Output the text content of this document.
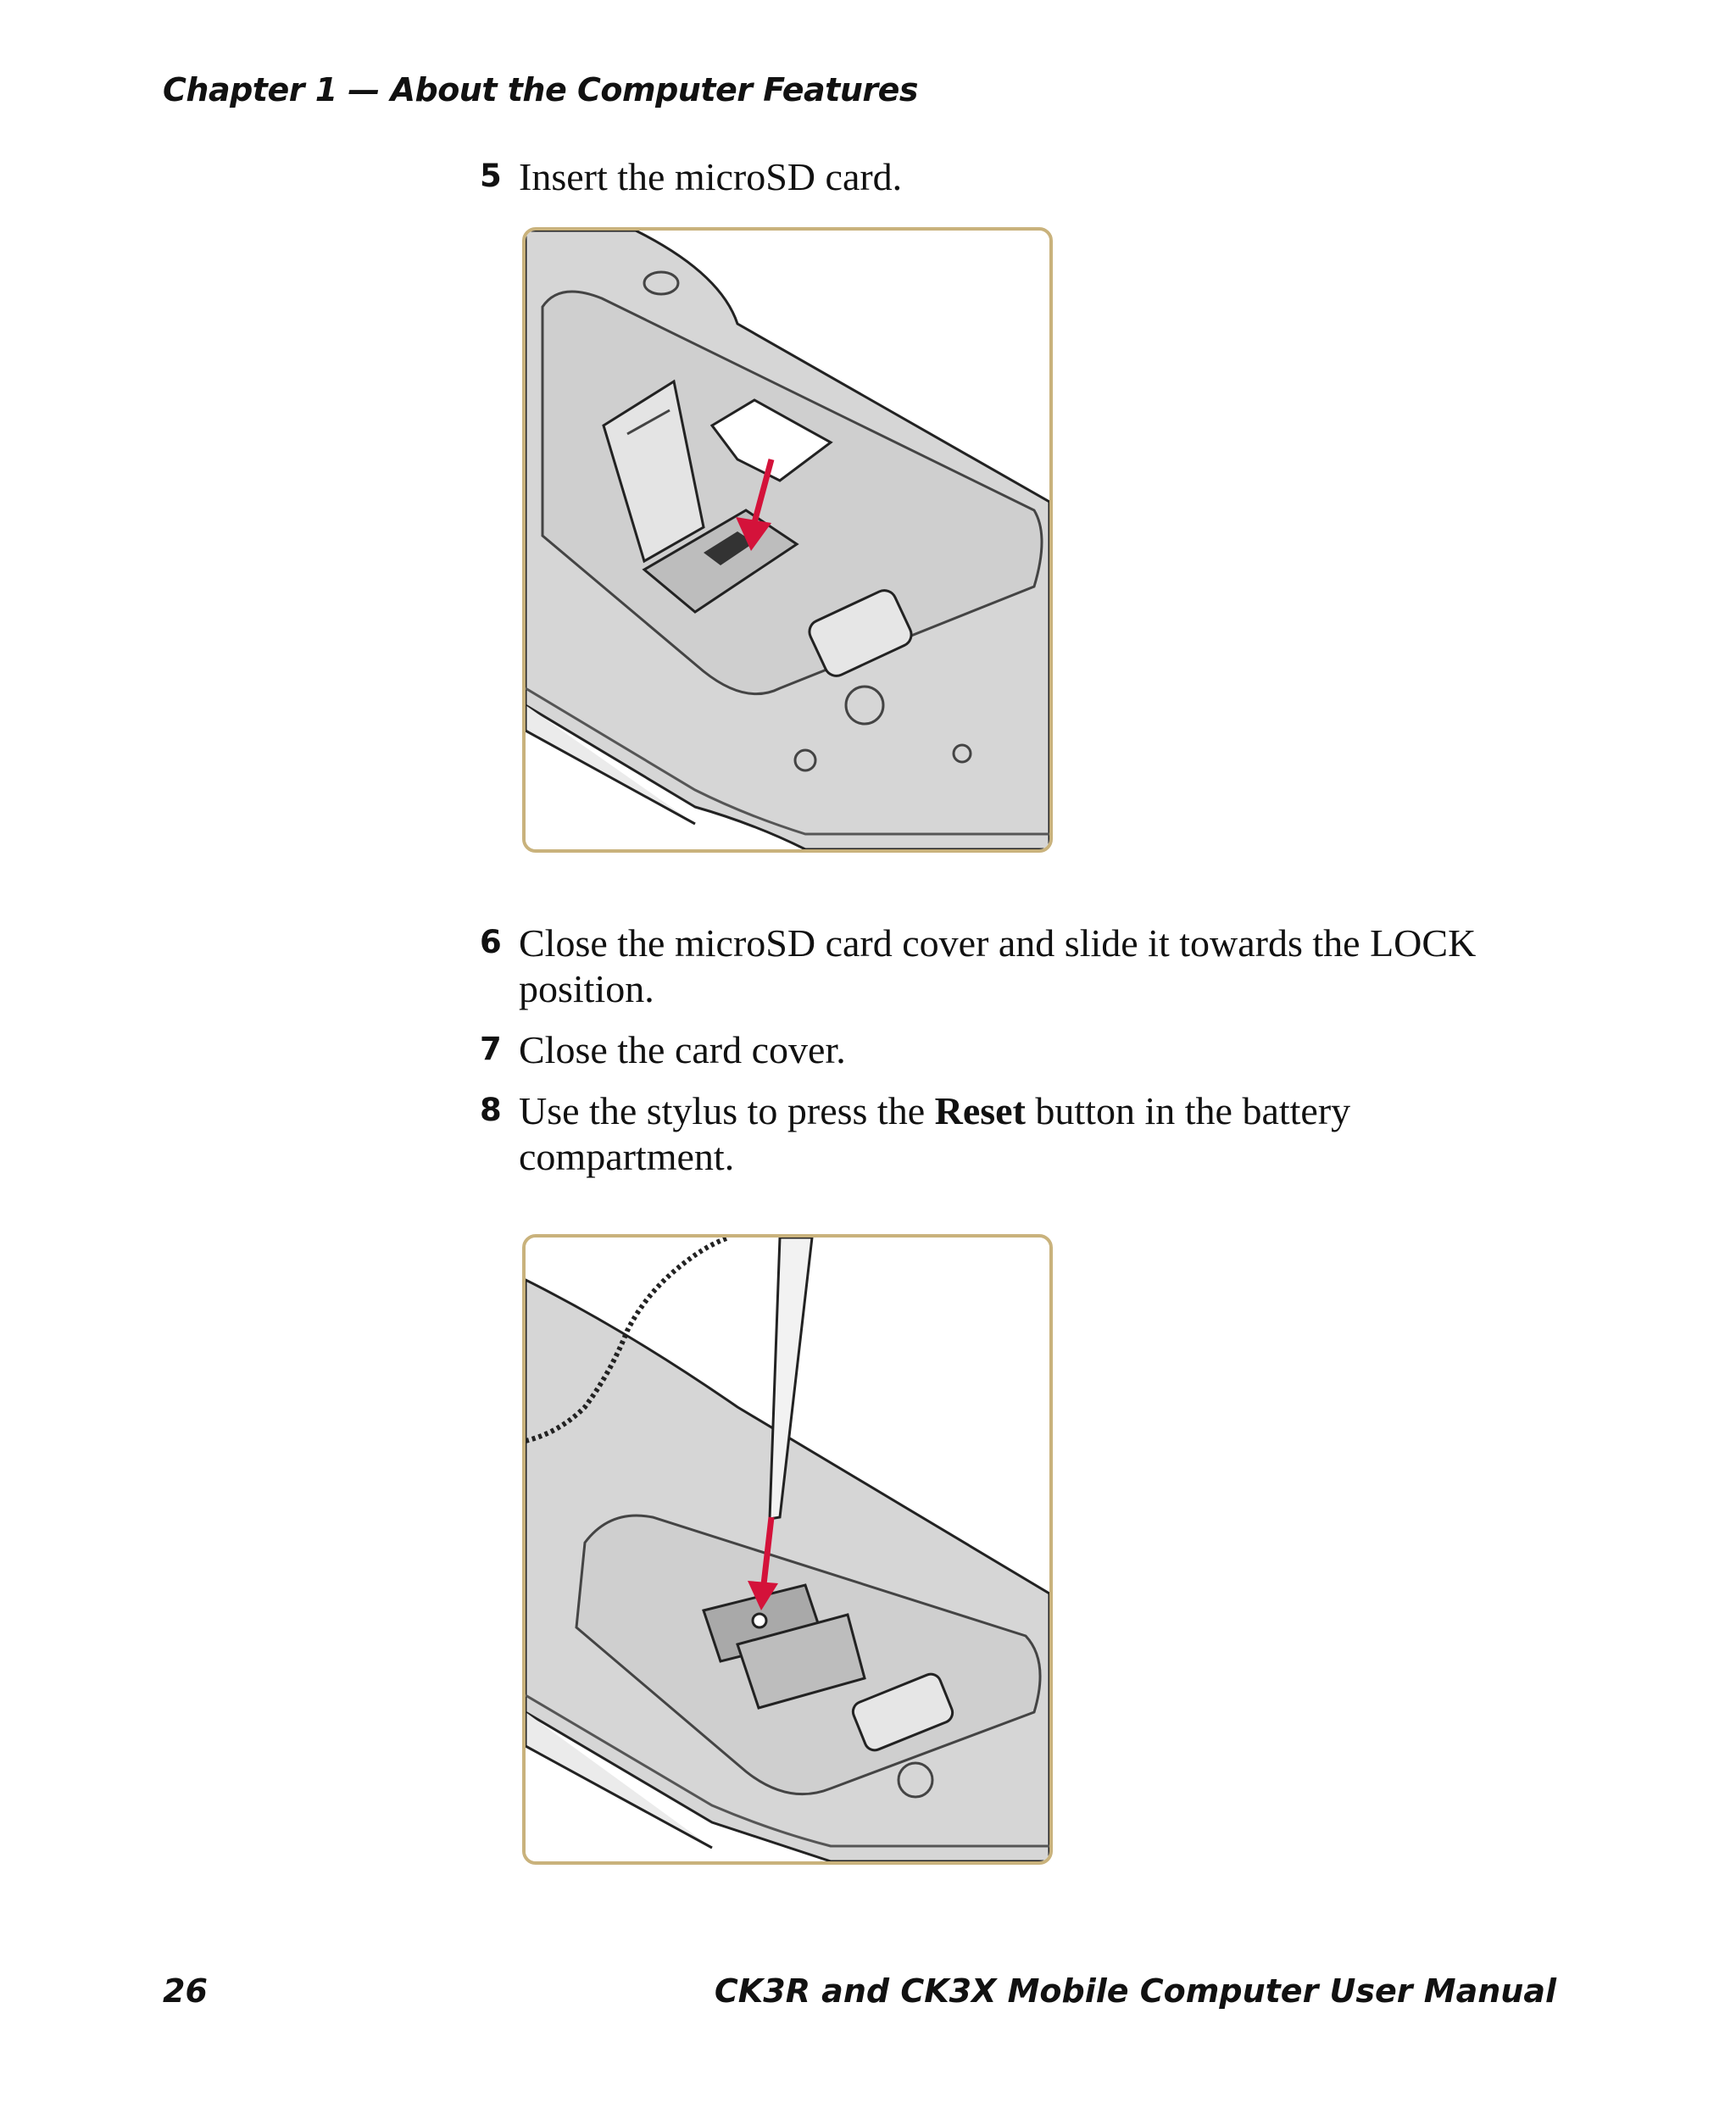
Chapter 1 — About the Computer Features
5 Insert the microSD card.
6 Close the microSD card cover and slide it towards the LOCK position.
7 Close the card cover.
8 Use the stylus to press the Reset button in the battery compartment.
26	CK3R and CK3X Mobile Computer User Manual
